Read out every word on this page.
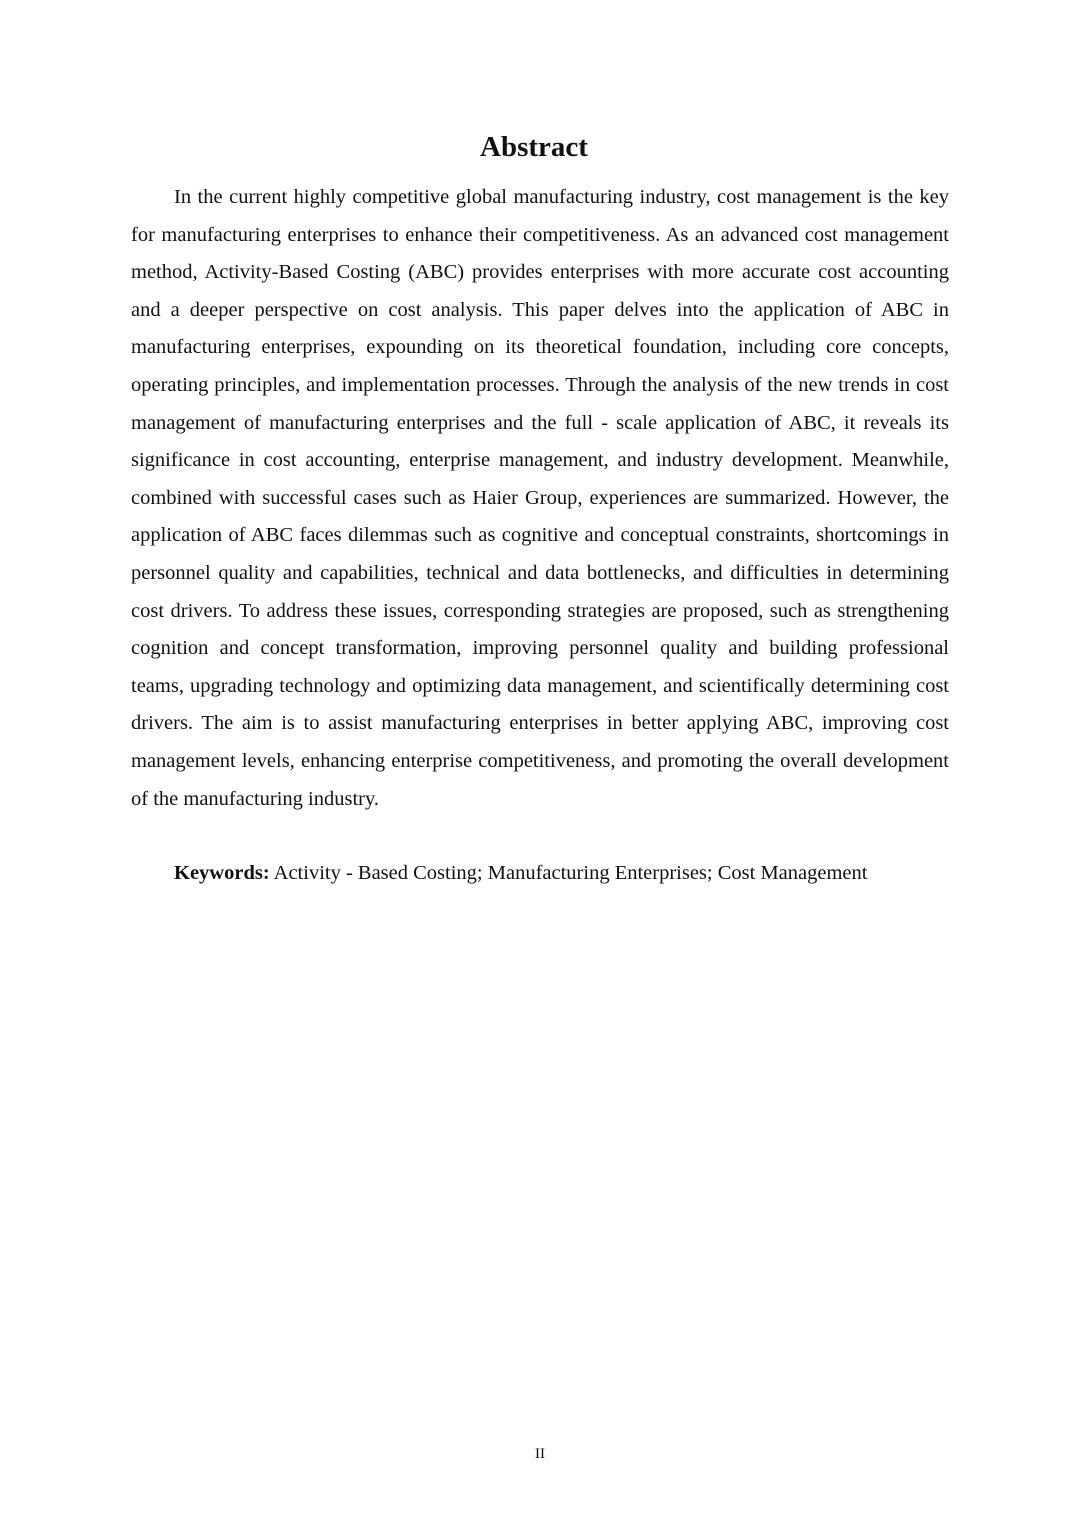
Abstract

In the current highly competitive global manufacturing industry, cost management is the key for manufacturing enterprises to enhance their competitiveness. As an advanced cost management method, Activity-Based Costing (ABC) provides enterprises with more accurate cost accounting and a deeper perspective on cost analysis. This paper delves into the application of ABC in manufacturing enterprises, expounding on its theoretical foundation, including core concepts, operating principles, and implementation processes. Through the analysis of the new trends in cost management of manufacturing enterprises and the full - scale application of ABC, it reveals its significance in cost accounting, enterprise management, and industry development. Meanwhile, combined with successful cases such as Haier Group, experiences are summarized. However, the application of ABC faces dilemmas such as cognitive and conceptual constraints, shortcomings in personnel quality and capabilities, technical and data bottlenecks, and difficulties in determining cost drivers. To address these issues, corresponding strategies are proposed, such as strengthening cognition and concept transformation, improving personnel quality and building professional teams, upgrading technology and optimizing data management, and scientifically determining cost drivers. The aim is to assist manufacturing enterprises in better applying ABC, improving cost management levels, enhancing enterprise competitiveness, and promoting the overall development of the manufacturing industry.

Keywords: Activity - Based Costing; Manufacturing Enterprises; Cost Management

II
